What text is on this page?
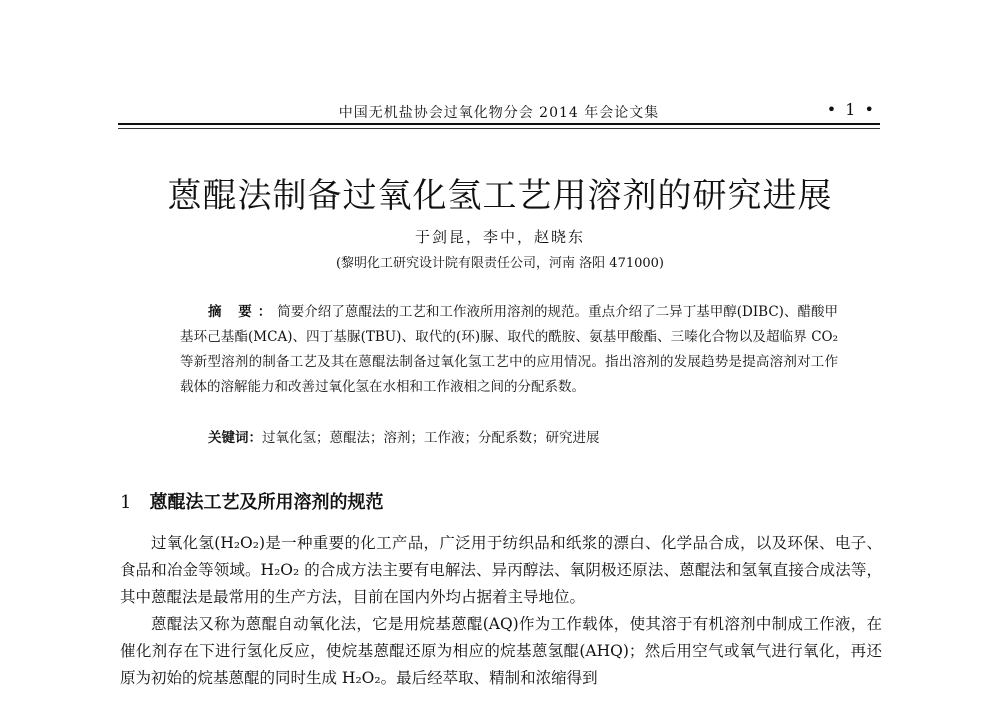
中国无机盐协会过氧化物分会 2014 年会论文集	• 1 •
蒽醌法制备过氧化氢工艺用溶剂的研究进展
于剑昆，李中，赵晓东
(黎明化工研究设计院有限责任公司，河南 洛阳 471000)

摘 要：简要介绍了蒽醌法的工艺和工作液所用溶剂的规范。重点介绍了二异丁基甲醇(DIBC)、醋酸甲基环己基酯(MCA)、四丁基脲(TBU)、取代的(环)脲、取代的酰胺、氨基甲酸酯、三嗪化合物以及超临界 CO₂ 等新型溶剂的制备工艺及其在蒽醌法制备过氧化氢工艺中的应用情况。指出溶剂的发展趋势是提高溶剂对工作载体的溶解能力和改善过氧化氢在水相和工作液相之间的分配系数。

关键词：过氧化氢；蒽醌法；溶剂；工作液；分配系数；研究进展
1 蒽醌法工艺及所用溶剂的规范

过氧化氢(H₂O₂)是一种重要的化工产品，广泛用于纺织品和纸浆的漂白、化学品合成，以及环保、电子、食品和冶金等领域。H₂O₂ 的合成方法主要有电解法、异丙醇法、氧阴极还原法、蒽醌法和氢氧直接合成法等，其中蒽醌法是最常用的生产方法，目前在国内外均占据着主导地位。

蒽醌法又称为蒽醌自动氧化法，它是用烷基蒽醌(AQ)作为工作载体，使其溶于有机溶剂中制成工作液，在催化剂存在下进行氢化反应，使烷基蒽醌还原为相应的烷基蒽氢醌(AHQ)；然后用空气或氧气进行氧化，再还原为初始的烷基蒽醌的同时生成 H₂O₂。最后经萃取、精制和浓缩得到
